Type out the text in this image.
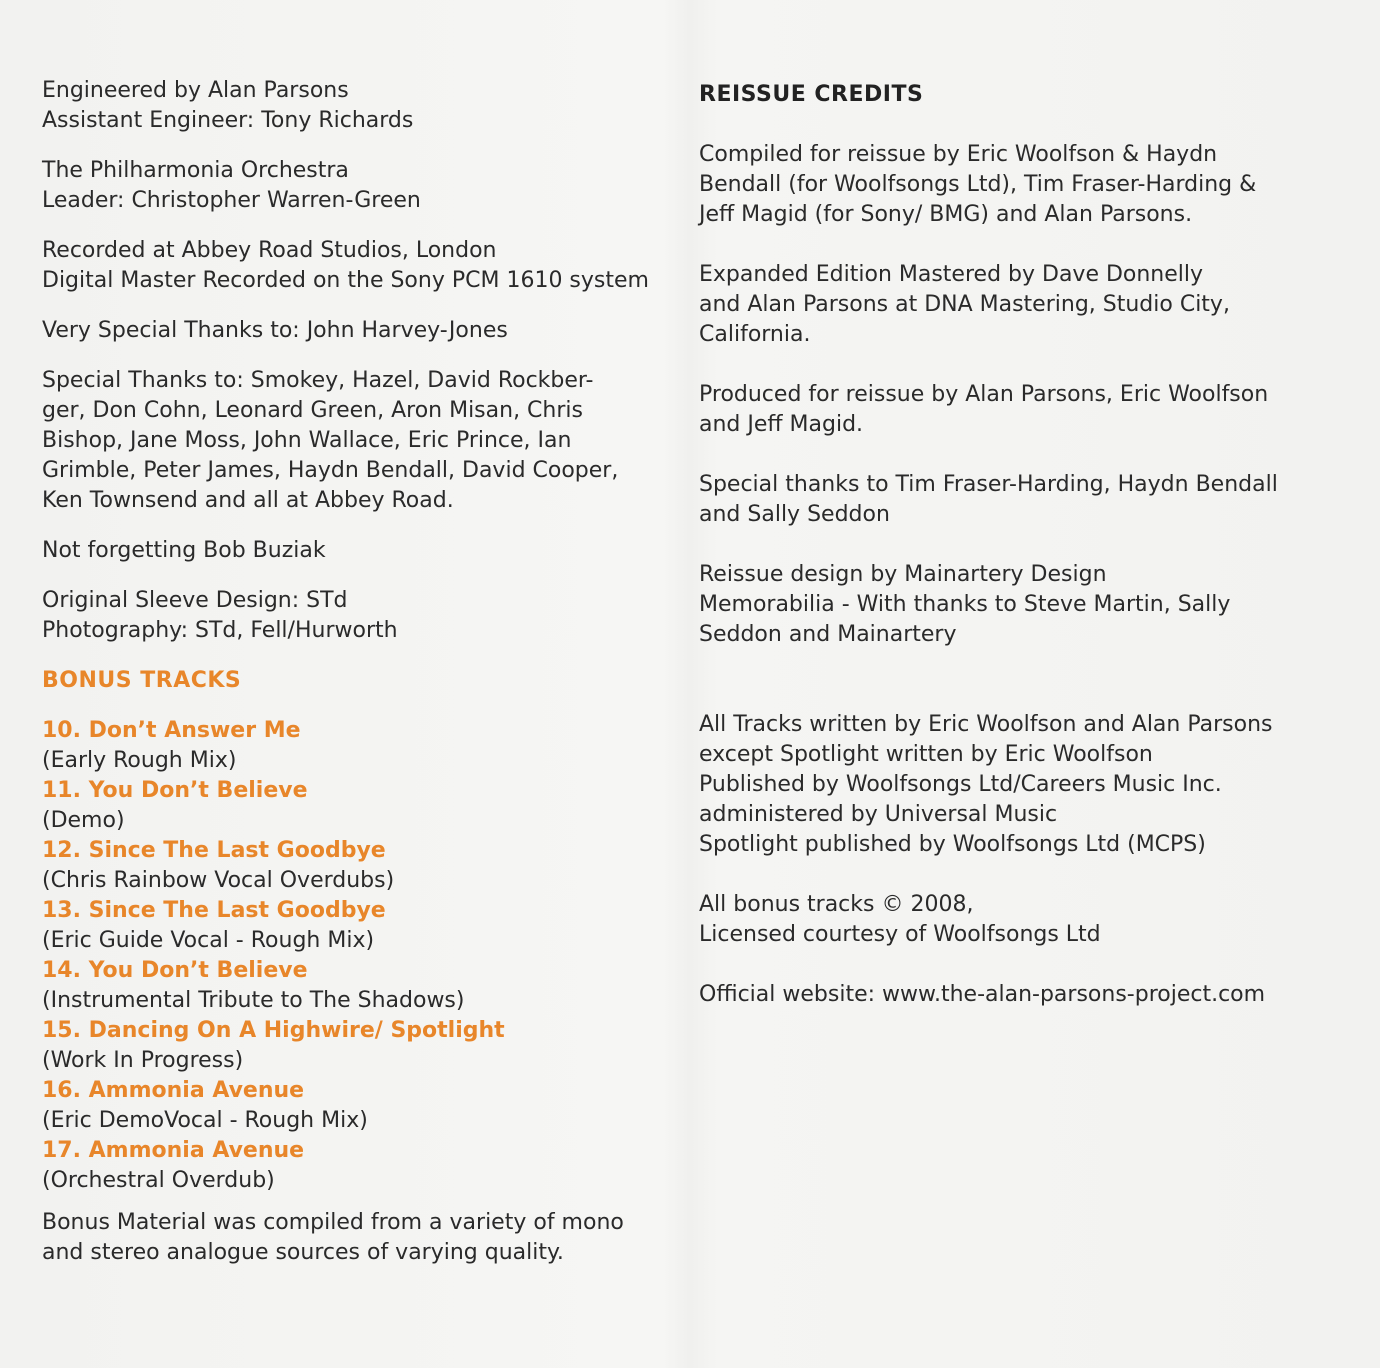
Engineered by Alan Parsons
Assistant Engineer: Tony Richards
The Philharmonia Orchestra
Leader: Christopher Warren-Green
Recorded at Abbey Road Studios, London
Digital Master Recorded on the Sony PCM 1610 system
Very Special Thanks to: John Harvey-Jones
Special Thanks to: Smokey, Hazel, David Rockber-
ger, Don Cohn, Leonard Green, Aron Misan, Chris
Bishop, Jane Moss, John Wallace, Eric Prince, Ian
Grimble, Peter James, Haydn Bendall, David Cooper,
Ken Townsend and all at Abbey Road.
Not forgetting Bob Buziak
Original Sleeve Design: STd
Photography: STd, Fell/Hurworth
BONUS TRACKS
10. Don’t Answer Me
(Early Rough Mix)
11. You Don’t Believe
(Demo)
12. Since The Last Goodbye
(Chris Rainbow Vocal Overdubs)
13. Since The Last Goodbye
(Eric Guide Vocal - Rough Mix)
14. You Don’t Believe
(Instrumental Tribute to The Shadows)
15. Dancing On A Highwire/ Spotlight
(Work In Progress)
16. Ammonia Avenue
(Eric DemoVocal - Rough Mix)
17. Ammonia Avenue
(Orchestral Overdub)
Bonus Material was compiled from a variety of mono
and stereo analogue sources of varying quality.
REISSUE CREDITS
Compiled for reissue by Eric Woolfson & Haydn
Bendall (for Woolfsongs Ltd), Tim Fraser-Harding &
Jeff Magid (for Sony/ BMG) and Alan Parsons.
Expanded Edition Mastered by Dave Donnelly
and Alan Parsons at DNA Mastering, Studio City,
California.
Produced for reissue by Alan Parsons, Eric Woolfson
and Jeff Magid.
Special thanks to Tim Fraser-Harding, Haydn Bendall
and Sally Seddon
Reissue design by Mainartery Design
Memorabilia - With thanks to Steve Martin, Sally
Seddon and Mainartery
All Tracks written by Eric Woolfson and Alan Parsons
except Spotlight written by Eric Woolfson
Published by Woolfsongs Ltd/Careers Music Inc.
administered by Universal Music
Spotlight published by Woolfsongs Ltd (MCPS)
All bonus tracks © 2008,
Licensed courtesy of Woolfsongs Ltd
Official website: www.the-alan-parsons-project.com
